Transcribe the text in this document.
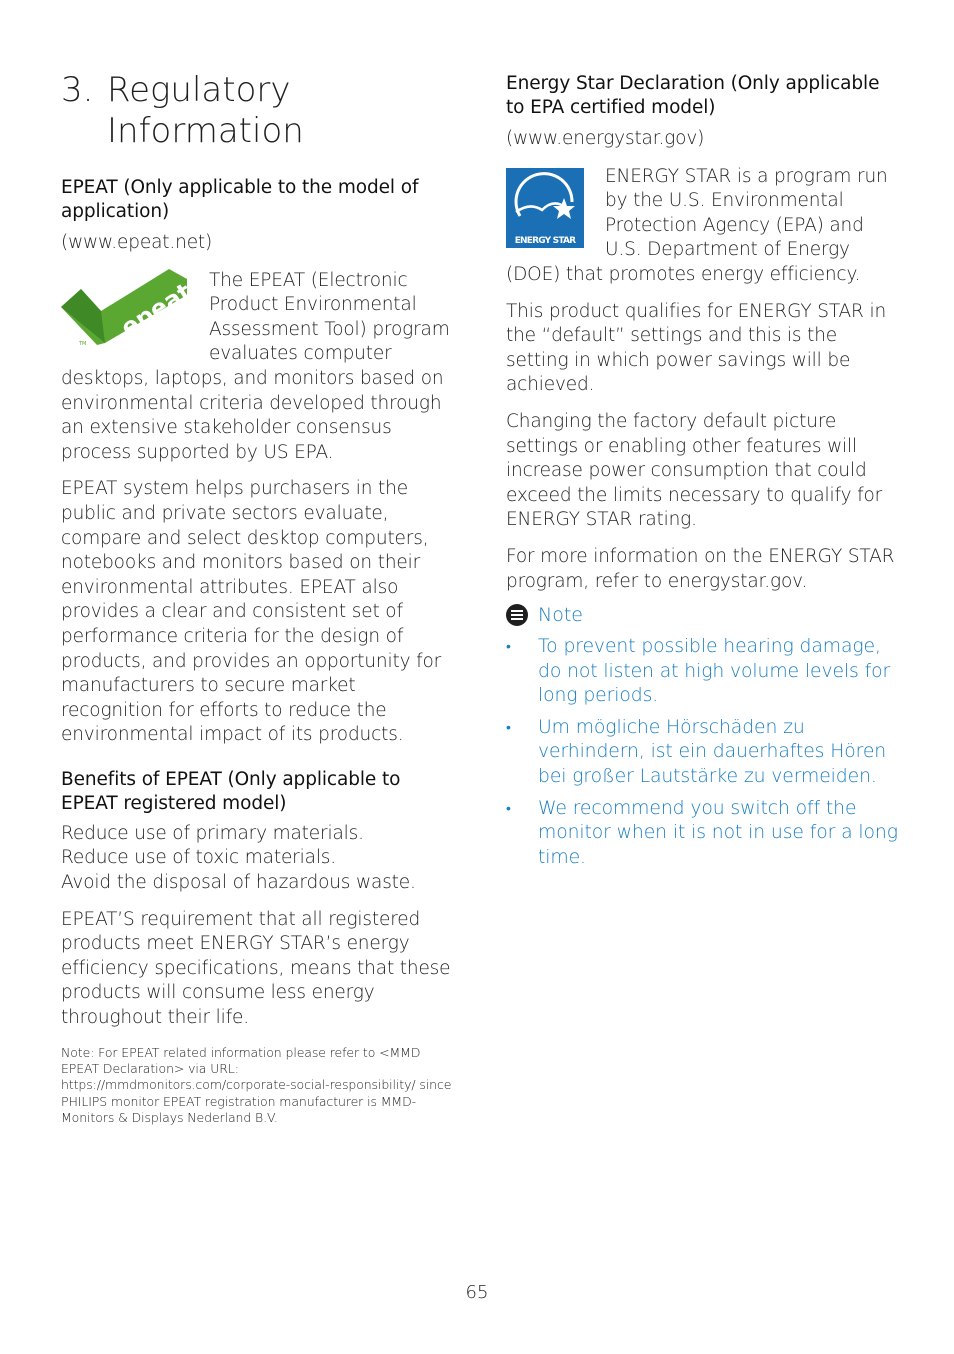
3. Regulatory
Information
EPEAT (Only applicable to the model of application)

(www.epeat.net)

epeat
TM

The EPEAT (Electronic Product Environmental Assessment Tool) program evaluates computer desktops, laptops, and monitors based on environmental criteria developed through an extensive stakeholder consensus process supported by US EPA.

EPEAT system helps purchasers in the public and private sectors evaluate, compare and select desktop computers, notebooks and monitors based on their environmental attributes. EPEAT also provides a clear and consistent set of performance criteria for the design of products, and provides an opportunity for manufacturers to secure market recognition for efforts to reduce the environmental impact of its products.

Benefits of EPEAT (Only applicable to EPEAT registered model)

Reduce use of primary materials.

Reduce use of toxic materials.

Avoid the disposal of hazardous waste.

EPEAT’S requirement that all registered products meet ENERGY STAR’s energy efficiency specifications, means that these products will consume less energy throughout their life.

Note: For EPEAT related information please refer to <MMD EPEAT Declaration> via URL: https://mmdmonitors.com/corporate-social-responsibility/ since PHILIPS monitor EPEAT registration manufacturer is MMD-Monitors & Displays Nederland B.V.

Energy Star Declaration (Only applicable to EPA certified model)

(www.energystar.gov)

ENERGY STAR

ENERGY STAR is a program run by the U.S. Environmental Protection Agency (EPA) and U.S. Department of Energy (DOE) that promotes energy efficiency.

This product qualifies for ENERGY STAR in the “default” settings and this is the setting in which power savings will be achieved.

Changing the factory default picture settings or enabling other features will increase power consumption that could exceed the limits necessary to qualify for ENERGY STAR rating.

For more information on the ENERGY STAR program, refer to energystar.gov.

Note
• To prevent possible hearing damage, do not listen at high volume levels for long periods.
• Um mögliche Hörschäden zu verhindern, ist ein dauerhaftes Hören bei großer Lautstärke zu vermeiden.
• We recommend you switch off the monitor when it is not in use for a long time.
65
